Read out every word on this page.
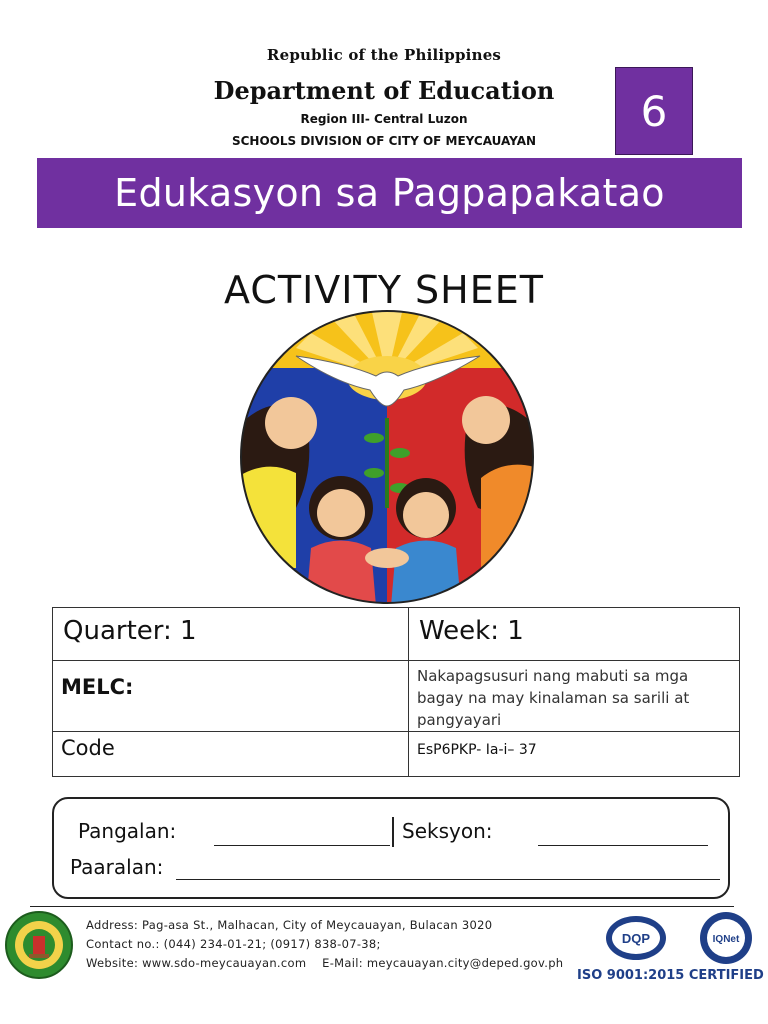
Republic of the Philippines
Department of Education
Region III- Central Luzon
SCHOOLS DIVISION OF CITY OF MEYCAUAYAN
6
Edukasyon sa Pagpapakatao
ACTIVITY SHEET
Quarter: 1	Week: 1

MELC:	Nakapagsusuri nang mabuti sa mga bagay na may kinalaman sa sarili at pangyayari

Code	EsP6PKP- Ia-i– 37
Pangalan:	Seksyon:
Paaralan:
Address: Pag-asa St., Malhacan, City of Meycauayan, Bulacan 3020
Contact no.: (044) 234-01-21; (0917) 838-07-38;
Website: www.sdo-meycauayan.com E-Mail: meycauayan.city@deped.gov.ph
DQP	IQNet
ISO 9001:2015 CERTIFIED
